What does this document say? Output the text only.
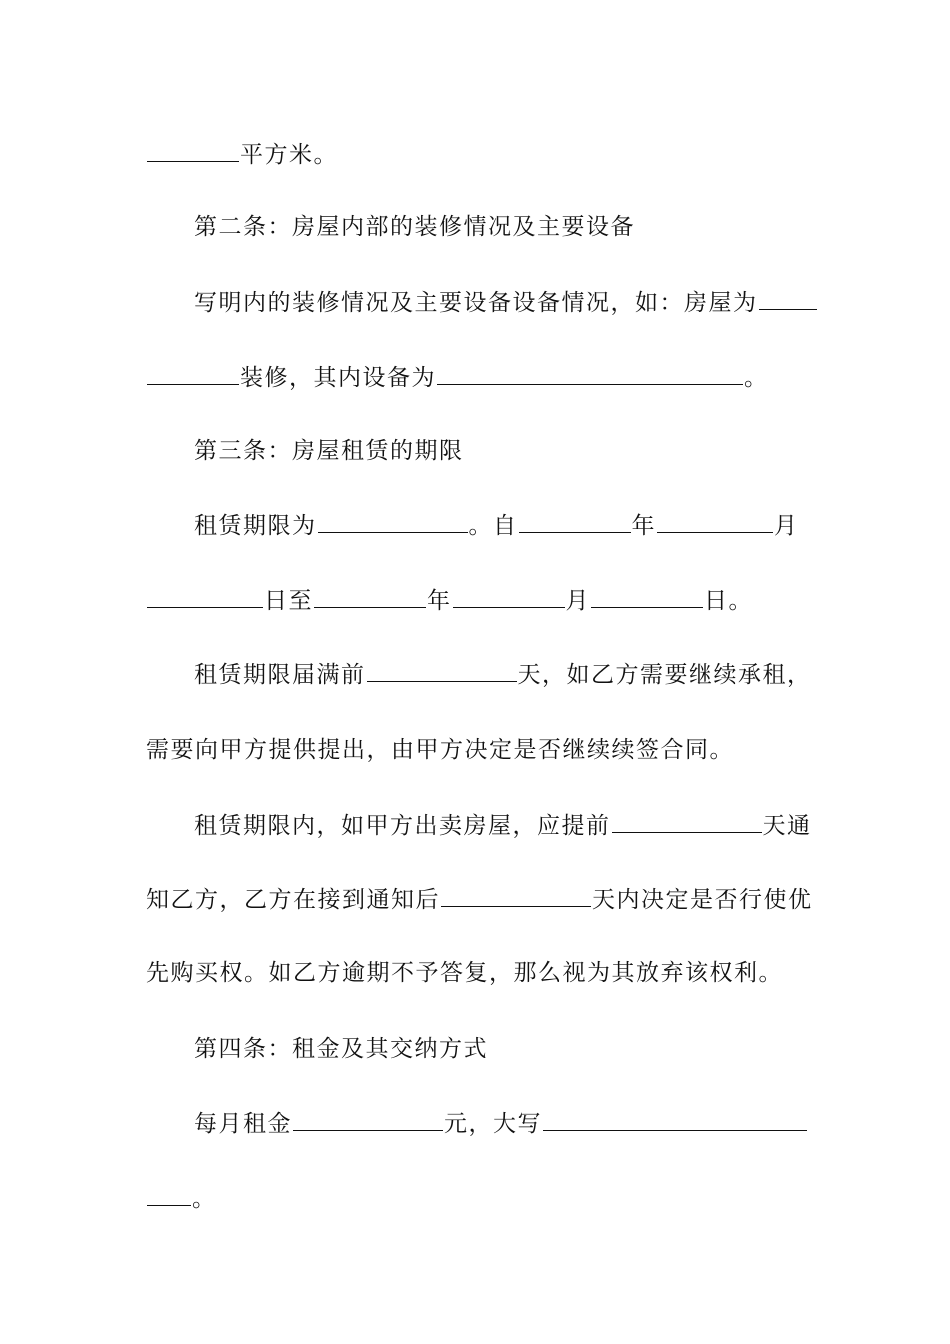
平方米。
第二条：房屋内部的装修情况及主要设备
写明内的装修情况及主要设备设备情况，如：房屋为
装修，其内设备为	。
第三条：房屋租赁的期限
租赁期限为	。自	年	月
日至	年	月	日。
租赁期限届满前	天，如乙方需要继续承租，
需要向甲方提供提出，由甲方决定是否继续续签合同。
租赁期限内，如甲方出卖房屋，应提前	天通
知乙方，乙方在接到通知后	天内决定是否行使优
先购买权。如乙方逾期不予答复，那么视为其放弃该权利。
第四条：租金及其交纳方式
每月租金	元，大写
。
